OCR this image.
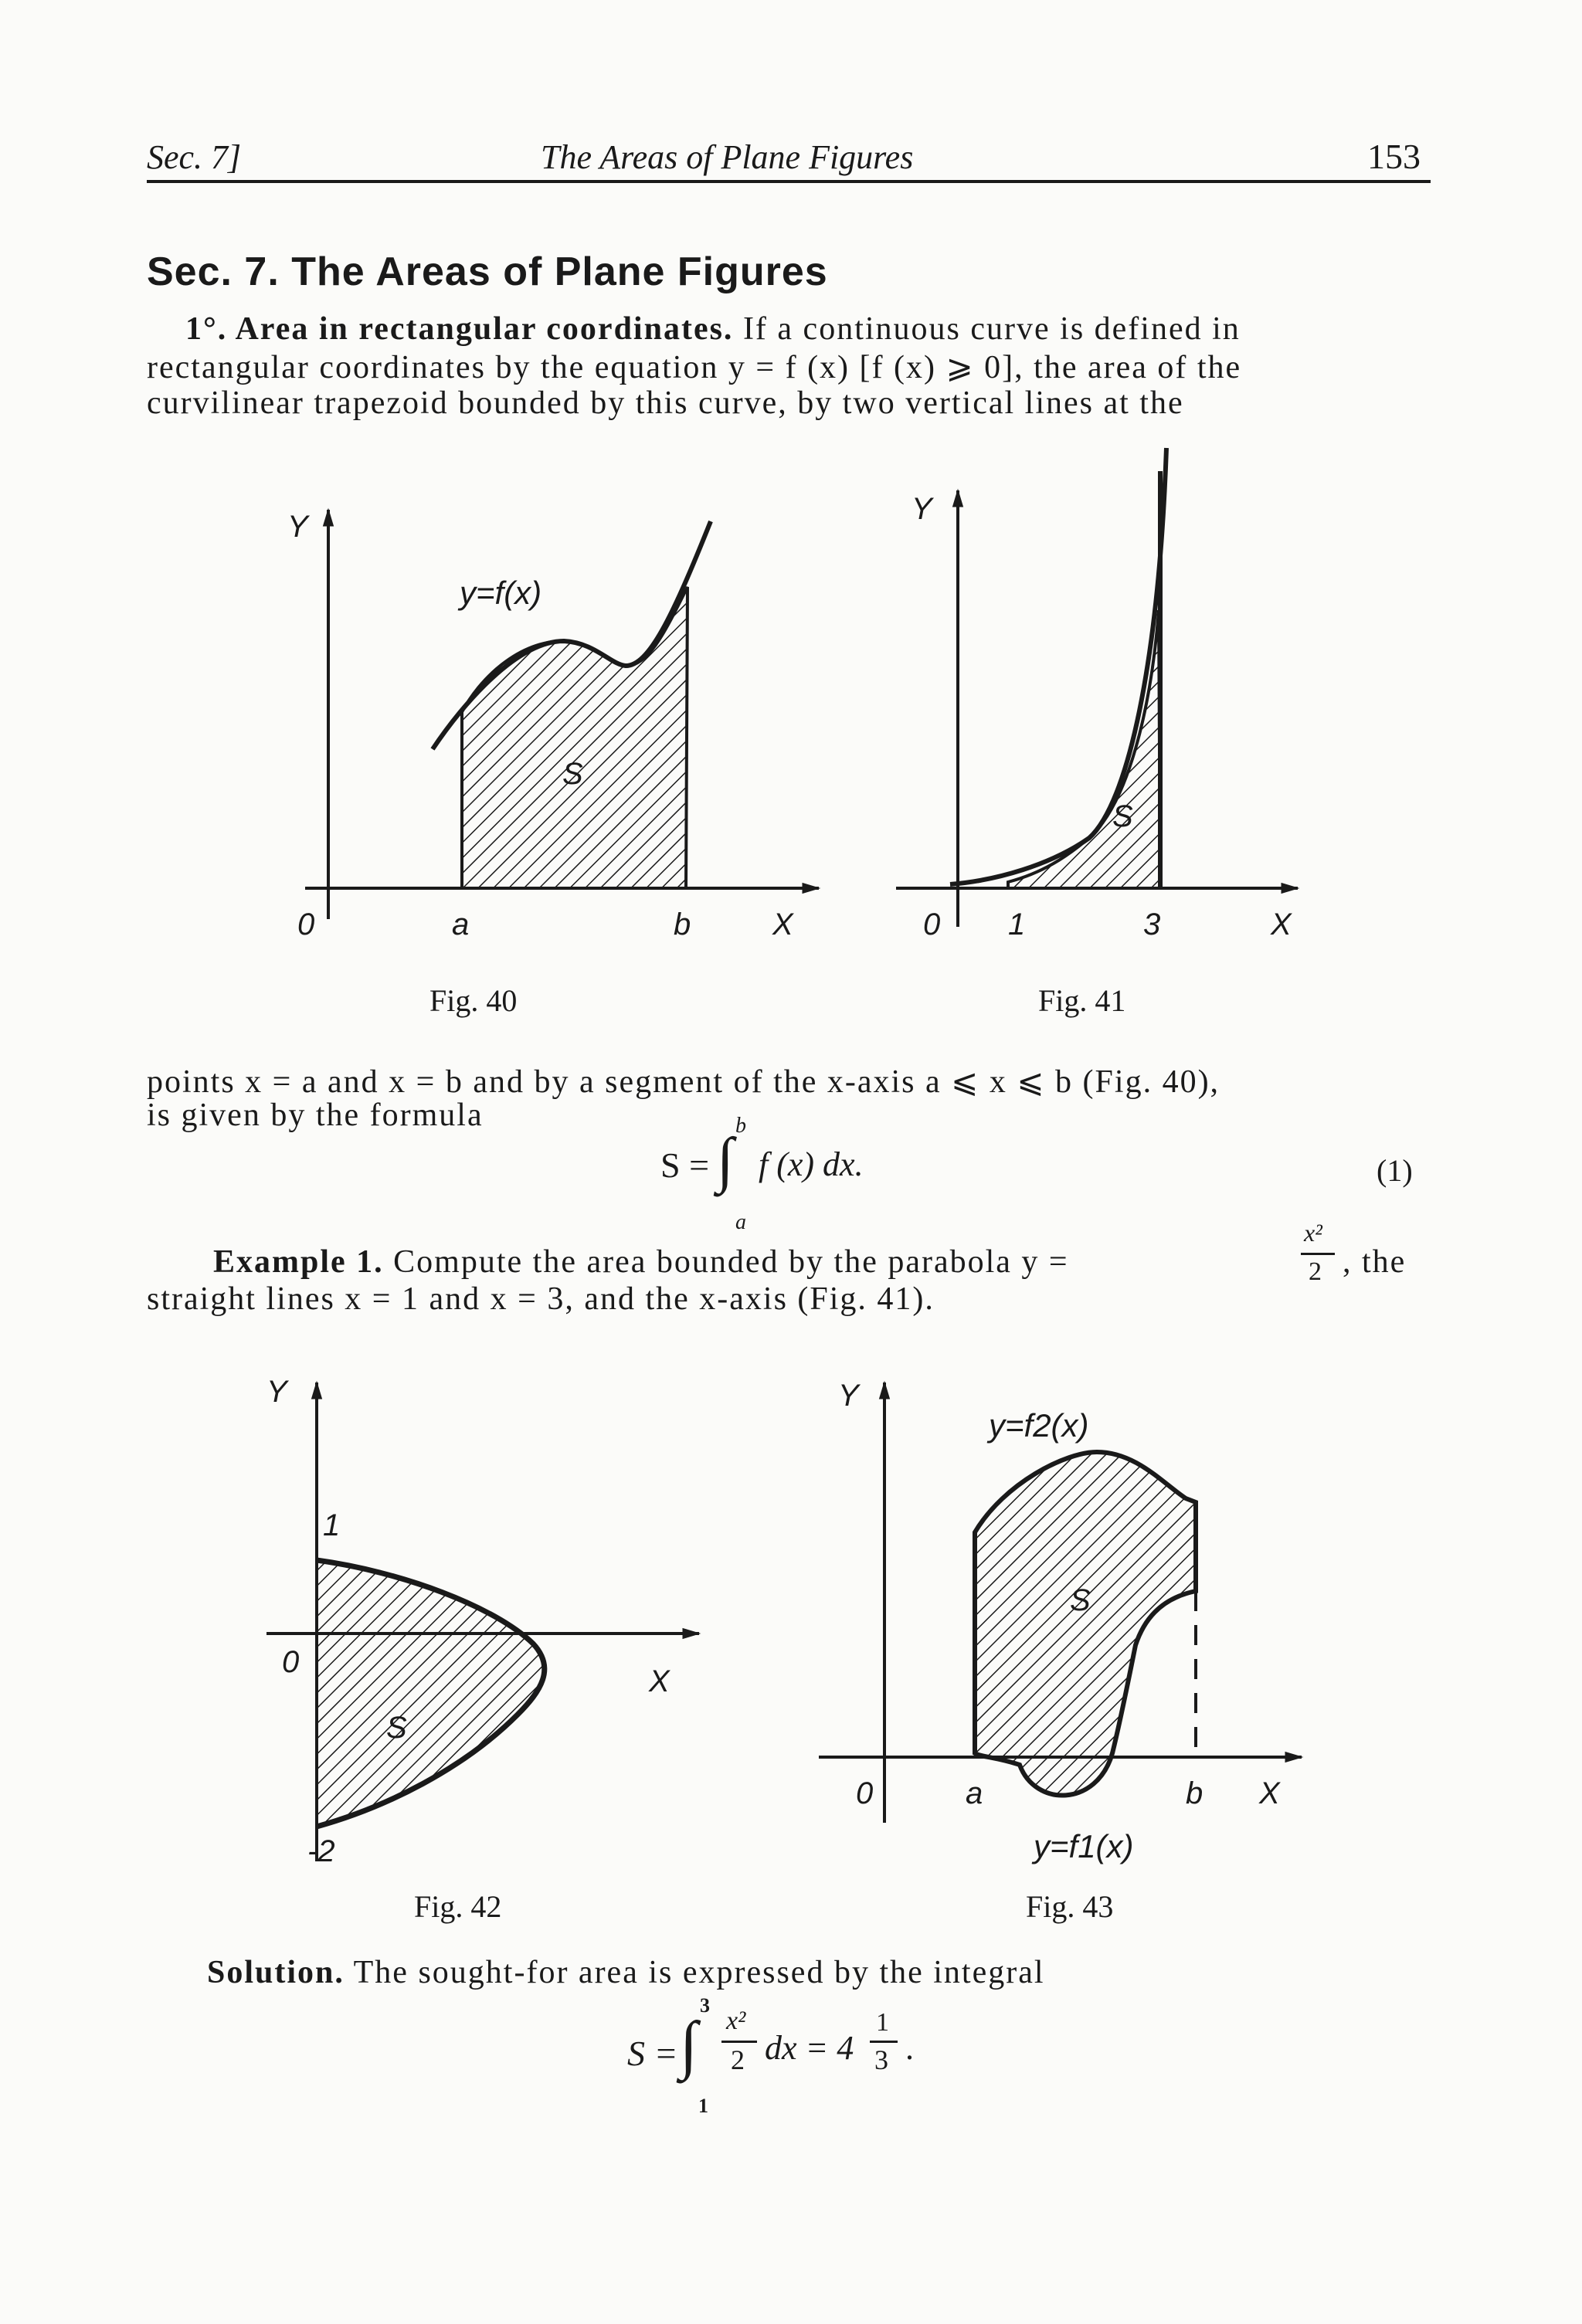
Sec. 7]	The Areas of Plane Figures	153
Sec. 7. The Areas of Plane Figures
1°. Area in rectangular coordinates. If a continuous curve is defined in
rectangular coordinates by the equation y = f (x) [f (x) ⩾ 0], the area of the
curvilinear trapezoid bounded by this curve, by two vertical lines at the
Y
X
0	a	b
y=f(x)
S
Y
X
0 1	3
S
Fig. 40	Fig. 41
points x = a and x = b and by a segment of the x-axis a ⩽ x ⩽ b (Fig. 40),
is given by the formula
S = ∫
b
a
f (x) dx.	(1)
Example 1. Compute the area bounded by the parabola y =
x²
2 , the
straight lines x = 1 and x = 3, and the x-axis (Fig. 41).
Y
X
0
1
-2
S
Y
X
0	a	b
y=f2(x)
y=f1(x)
S
Fig. 42	Fig. 43
Solution. The sought-for area is expressed by the integral
S = ∫
3
1
x²
2 dx = 4
1
3 .
